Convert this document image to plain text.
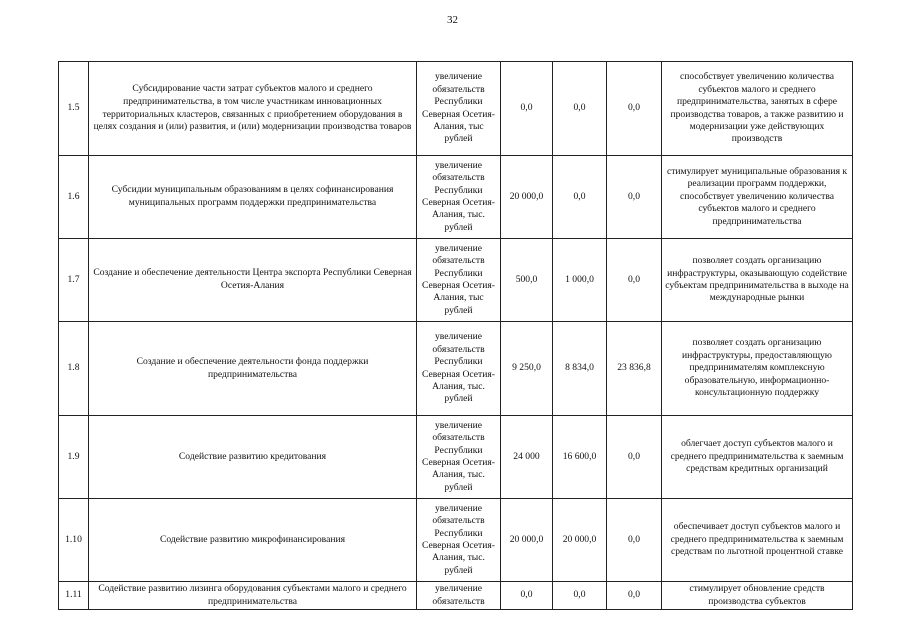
32
1.5	Субсидирование части затрат субъектов малого и среднего предпринимательства, в том числе участникам инновационных территориальных кластеров, связанных с приобретением оборудования в целях создания и (или) развития, и (или) модернизации производства товаров	увеличение обязательств Республики Северная Осетия-Алания, тыс рублей	0,0	0,0	0,0	способствует увеличению количества субъектов малого и среднего предпринимательства, занятых в сфере производства товаров, а также развитию и модернизации уже действующих производств
1.6	Субсидии муниципальным образованиям в целях софинансирования муниципальных программ поддержки предпринимательства	увеличение обязательств Республики Северная Осетия-Алания, тыс. рублей	20 000,0	0,0	0,0	стимулирует муниципальные образования к реализации программ поддержки, способствует увеличению количества субъектов малого и среднего предпринимательства
1.7	Создание и обеспечение деятельности Центра экспорта Республики Северная Осетия-Алания	увеличение обязательств Республики Северная Осетия-Алания, тыс рублей	500,0	1 000,0	0,0	позволяет создать организацию инфраструктуры, оказывающую содействие субъектам предпринимательства в выходе на международные рынки
1.8	Создание и обеспечение деятельности фонда поддержки предпринимательства	увеличение обязательств Республики Северная Осетия-Алания, тыс. рублей	9 250,0	8 834,0	23 836,8	позволяет создать организацию инфраструктуры, предоставляющую предпринимателям комплексную образовательную, информационно-консультационную поддержку
1.9	Содействие развитию кредитования	увеличение обязательств Республики Северная Осетия-Алания, тыс. рублей	24 000	16 600,0	0,0	облегчает доступ субъектов малого и среднего предпринимательства к заемным средствам кредитных организаций
1.10	Содействие развитию микрофинансирования	увеличение обязательств Республики Северная Осетия-Алания, тыс. рублей	20 000,0	20 000,0	0,0	обеспечивает доступ субъектов малого и среднего предпринимательства к заемным средствам по льготной процентной ставке
1.11	Содействие развитию лизинга оборудования субъектами малого и среднего предпринимательства	увеличение обязательств	0,0	0,0	0,0	стимулирует обновление средств производства субъектов
